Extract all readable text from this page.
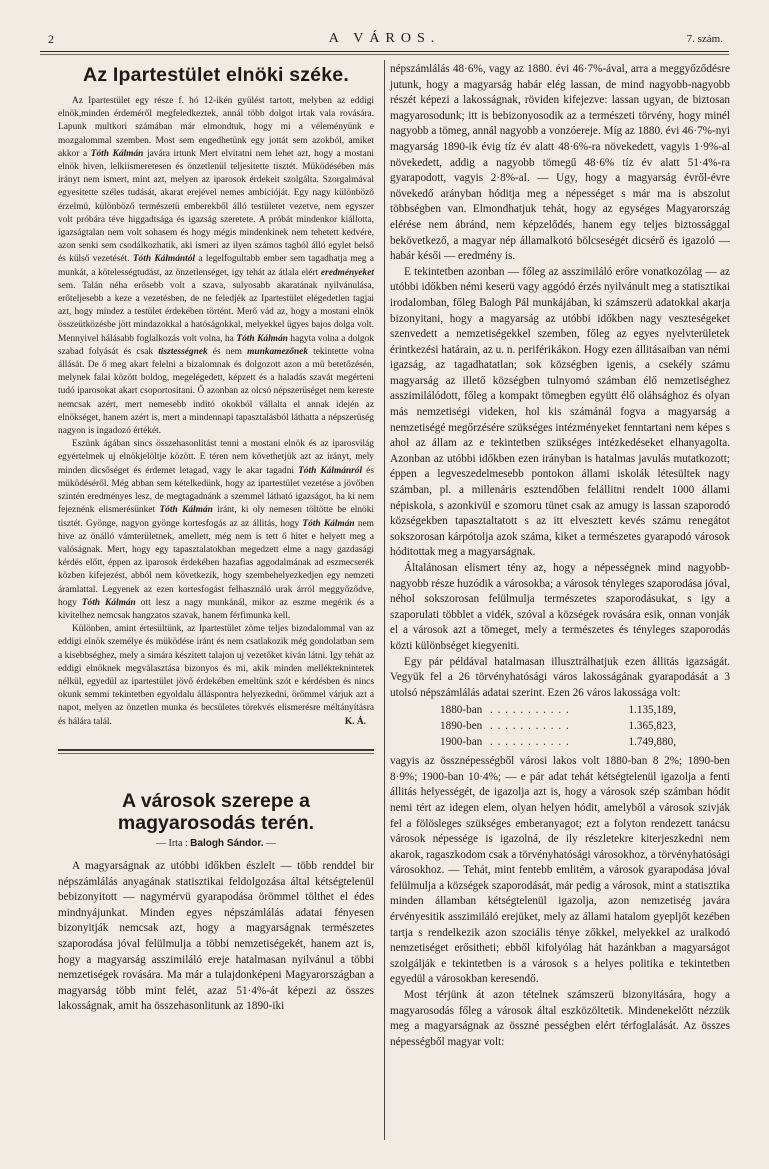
2	A VÁROS.	7. szám.
Az Ipartestület elnöki széke.

Az Ipartestület egy része f. hó 12-ikén gyülést tartott, melyben az eddigi elnök,minden érdeméről megfeledkeztek, annál több dolgot irtak vala rovására. Lapunk multkori számában már elmondtuk, hogy mi a véleményünk e mozgalommal szemben. Most sem engedhetünk egy jottát sem azokból, amiket akkor a Tóth Kálmán javára irtunk Mert elvitatni nem lehet azt, hogy a mostani elnök hiven, lelkiismeretesen és önzetlenül teljesitette tisztét. Müködésében más irányt nem ismert, mint azt, melyen az iparosok érdekeit szolgálta. Szorgalmával egyesitette széles tudását, akarat erejével nemes ambicióját. Egy nagy különböző érzelmü, különböző természetü emberekből álló testületet vezetve, nem egyszer volt próbára téve higgadtsága és igazság szeretete. A próbát mindenkor kiállotta, igazságtalan nem volt sohasem és hogy mégis mindenkinek nem tehetett kedvére, azon senki sem csodálkozhatik, aki ismeri az ilyen számos tagból álló egylet belső és külső vezetését. Tóth Kálmántól a legelfogultabb ember sem tagadhatja meg a munkát, a kötelességtudást, az önzetlenséget, igy tehát az átlala elért eredményeket sem. Talán néha erősebb volt a szava, sulyosabb akaratának nyilvánulása, erőteljesebb a keze a vezetésben, de ne feledjék az Ipartestület elégedetlen tagjai azt, hogy mindez a testület érdekében történt. Merő vád az, hogy a mostani elnök összeütközésbe jött mindazokkal a hatóságokkal, melyekkel ügyes bajos dolga volt. Mennyivel hálásabb foglalkozás volt volna, ha Tóth Kálmán hagyta volna a dolgok szabad folyását és csak tisztességnek és nem munkamezőnek tekintette volna állását. De ő meg akart felelni a bizalomnak és dolgozott azon a mü betetőzésén, melynek falai között boldog, megelégedett, képzett és a haladás szavát megérteni tudó iparosokat akart csoportositani. Ő azonban az olcsó népszerüséget nem kereste nemcsak azért, mert nemesebb inditó okokból vállalta el annak idején az elnökséget, hanem azért is, mert a mindennapi tapasztalásból láthatta a népszerüség nagyon is ingadozó értékét.

Eszünk ágában sincs összehasonlitást tenni a mostani elnök és az iparosvilág egyértelmek uj elnökjelöltje között. E téren nem követhetjük azt az irányt, mely minden dicsőséget és érdemet letagad, vagy le akar tagadni Tóth Kálmánról és müködéséről. Még abban sem kételkedünk, hogy az ipartestület vezetése a jövőben szintén eredményes lesz, de megtagadnánk a szemmel látható igazságot, ha ki nem fejeznénk elismerésünket Tóth Kálmán iránt, ki oly nemesen töltötte be elnöki tisztét. Gyönge, nagyon gyönge kortesfogás az az állitás, hogy Tóth Kálmán nem hive az önálló vámterületnek, amellett, még nem is tett ő hitet e helyett meg a valóságnak. Mert, hogy egy tapasztalatokban megedzett elme a nagy gazdasági kérdés előtt, éppen az iparosok érdekében hazafias aggodalmának ad eszmecserék közben kifejezést, abból nem következik, hogy szembehelyezkedjen egy nemzeti áramlattal. Legyenek az ezen kortesfogást felhasználó urak árról meggyőződve, hogy Tóth Kálmán ott lesz a nagy munkánál, mikor az eszme megérik és a kivitelhez nemcsak hangzatos szavak, hanem férfimunka kell.

Különben, amint értesültünk, az Ipartestület zöme teljes bizodalommal van az eddigi elnök személye és müködése iránt és nem csatlakozik még gondolatban sem a kisebbséghez, mely a simára készitett talajon uj vezetőket kiván látni. Igy tehát az eddigi elnöknek megválasztása bizonyos és mi, akik minden mellékteknintetek nélkül, egyedül az ipartestület jövő érdekében emeltünk szót e kérdésben és nincs okunk semmi tekintetben egyoldalu álláspontra helyezkedni, örömmel várjuk azt a napot, melyen az önzetlen munka és becsületes törekvés elismerésre méltányításra és hálára talál.	K. Á.
A városok szerepe a magyarosodás terén.
— Irta : Balogh Sándor. —

A magyarságnak az utóbbi időkben észlelt — több renddel bir népszámlálás anyagának statisztikai feldolgozása által kétségtelenül bebizonyitott — nagymérvü gyarapodása örömmel tölthet el édes mindnyájunkat. Minden egyes népszámlálás adatai fényesen bizonyitják nemcsak azt, hogy a magyarságnak természetes szaporodása jóval felülmulja a többi nemzetiségekét, hanem azt is, hogy a magyarság asszimiláló ereje hatalmasan nyilvánul a többi nemzetiségek rovására. Ma már a tulajdonképeni Magyarországban a magyarság több mint felét, azaz 51·4%-át képezi az összes lakosságnak, amit ha összehasonlitunk az 1890-iki

népszámlálás 48·6%, vagy az 1880. évi 46·7%-ával, arra a meggyőződésre jutunk, hogy a magyarság habár elég lassan, de mind nagyobb-nagyobb részét képezi a lakosságnak, röviden kifejezve: lassan ugyan, de biztosan magyarosodunk; itt is bebizonyosodik az a természeti törvény, hogy minél nagyobb a tömeg, annál nagyobb a vonzóereje. Míg az 1880. évi 46·7%-nyi magyarság 1890-ik évig tíz év alatt 48·6%-ra növekedett, vagyis 1·9%-al növekedett, addig a nagyobb tömegű 48·6% tíz év alatt 51·4%-ra gyarapodott, vagyis 2·8%-al. — Ugy, hogy a magyarság évről-évre növekedő arányban hóditja meg a népességet s már ma is abszolut többségben van. Elmondhatjuk tehát, hogy az egységes Magyarország elérése nem ábránd, nem képzelődés, hanem egy teljes biztossággal bekövetkező, a magyar nép államalkotó bölcseségét dicsérő és igazoló — habár késői — eredmény is.

E tekintetben azonban — főleg az asszimiláló erőre vonatkozólag — az utóbbi időkben némi keserü vagy aggódó érzés nyilvánult meg a statisztikai irodalomban, főleg Balogh Pál munkájában, ki számszerü adatokkal akarja bizonyitani, hogy a magyarság az utóbbi időkben nagy veszteségeket szenvedett a nemzetiségekkel szemben, főleg az egyes nyelvterületek érintkezési határain, az u. n. periférikákon. Hogy ezen állitásaiban van némi igazság, az tagadhatatlan; sok községben igenis, a csekély számu magyarság az illető községben tulnyomó számban élő nemzetiséghez asszimilálódott, főleg a kompakt tömegben együtt élő oláhsághoz és olyan más nemzetiségi videken, hol kis számánál fogva a magyarság a nemzetiségé megőrzésére szükséges intézményeket fenntartani nem képes s ahol az állam az e tekintetben szükséges intézkedéseket elhanyagolta. Azonban az utóbbi időkben ezen irányban is hatalmas javulás mutatkozott; éppen a legveszedelmesebb pontokon állami iskolák létesültek nagy számban, pl. a millenáris esztendőben felállitni rendelt 1000 állami népiskola, s azonkivül e szomoru tünet csak az amugy is lassan szaporodó községekben tapasztaltatott s az itt elvesztett kevés számu renegátot sokszorosan kárpótolja azok száma, kiket a természetes gyarapodó városok hóditottak meg a magyarságnak.

Általánosan elismert tény az, hogy a népességnek mind nagyobb-nagyobb része huzódik a városokba; a városok tényleges szaporodása jóval, néhol sokszorosan felülmulja természetes szaporodásukat, s igy a szaporulati többlet a vidék, szóval a községek rovására esik, onnan vonják el a városok azt a tömeget, mely a természetes és tényleges szaporodás közti különbséget kiegyeniti.

Egy pár példával hatalmasan illusztrálhatjuk ezen állitás igazságát. Vegyük fel a 26 törvényhatósági város lakosságának gyarapodását a 3 utolsó népszámlálás adatai szerint. Ezen 26 város lakossága volt:

1880-ban . . . . . . . . . . .	1.135,189,
1890-ben . . . . . . . . . . .	1.365,823,
1900-ban . . . . . . . . . . .	1.749,880,

vagyis az össznépességből városi lakos volt 1880-ban 8 2%; 1890-ben 8·9%; 1900-ban 10·4%; — e pár adat tehát kétségtelenül igazolja a fenti állitás helyességét, de igazolja azt is, hogy a városok szép számban hódit nemi tért az idegen elem, olyan helyen hódit, amelyből a városok szivják fel a fölösleges szükséges emberanyagot; ezt a folyton rendezett tanácsu városok népessége is igazolná, de ily részletekre kiterjeszkedni nem akarok, ragaszkodom csak a törvényhatósági városokhoz, a törvényhatósági városokhoz. — Tehát, mint fentebb emlitém, a városok gyarapodása jóval felülmulja a községek szaporodását, már pedig a városok, mint a statisztika minden államban kétségtelenül igazolja, azon nemzetiség javára érvényesitik asszimiláló erejüket, mely az állami hatalom gyepljőt kezében tartja s rendelkezik azon szociális ténye zőkkel, melyekkel az uralkodó nemzetiséget erősitheti; ebből kifolyólag hát hazánkban a magyarságot szolgálják e tekintetben is a városok s a helyes politika e tekintetben egyedül a városokban keresendő.

Most térjünk át azon tételnek számszerü bizonyitására, hogy a magyarosodás főleg a városok által eszközöltetik. Mindenekelőtt nézzük meg a magyarságnak az összné pességben elért térfoglalását. Az összes népességből magyar volt:
